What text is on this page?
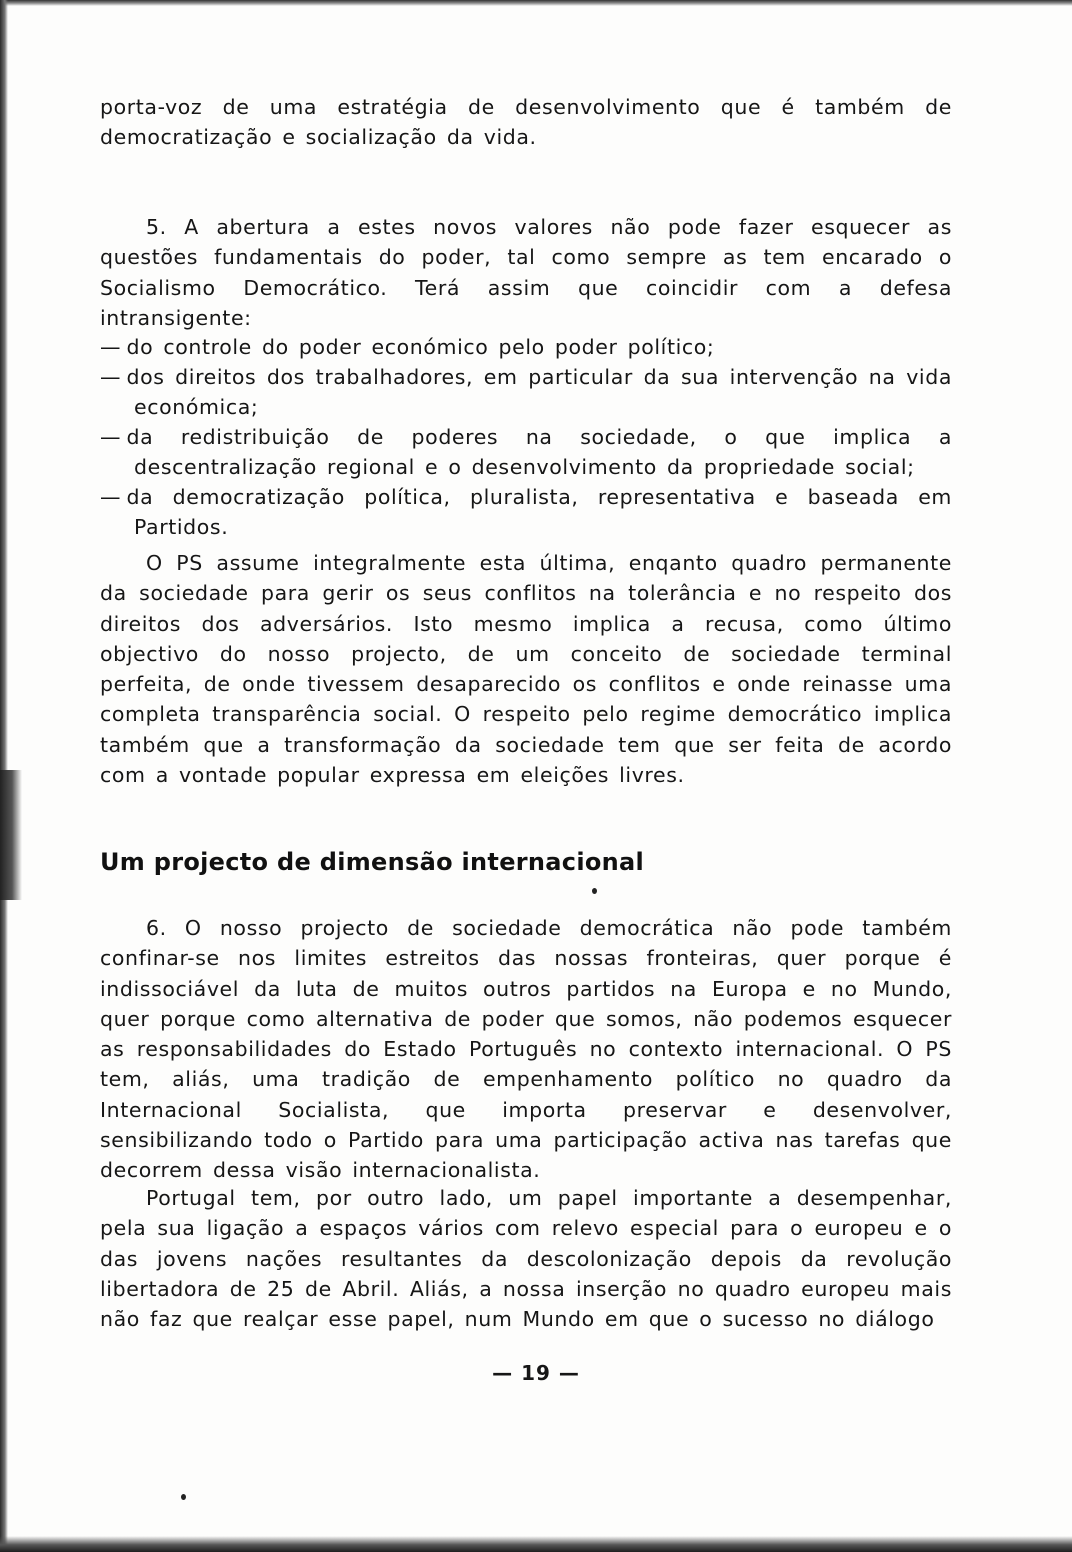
porta-voz de uma estratégia de desenvolvimento que é também de democratização e socialização da vida.

5. A abertura a estes novos valores não pode fazer esquecer as questões fundamentais do poder, tal como sempre as tem encarado o Socialismo Democrático. Terá assim que coincidir com a defesa intransigente:

— do controle do poder económico pelo poder político;

— dos direitos dos trabalhadores, em particular da sua intervenção na vida económica;

— da redistribuição de poderes na sociedade, o que implica a descentralização regional e o desenvolvimento da propriedade social;

— da democratização política, pluralista, representativa e baseada em Partidos.

O PS assume integralmente esta última, enqanto quadro permanente da sociedade para gerir os seus conflitos na tolerância e no respeito dos direitos dos adversários. Isto mesmo implica a recusa, como último objectivo do nosso projecto, de um conceito de sociedade terminal perfeita, de onde tivessem desaparecido os conflitos e onde reinasse uma completa transparência social. O respeito pelo regime democrático implica também que a transformação da sociedade tem que ser feita de acordo com a vontade popular expressa em eleições livres.

Um projecto de dimensão internacional

6. O nosso projecto de sociedade democrática não pode também confinar-se nos limites estreitos das nossas fronteiras, quer porque é indissociável da luta de muitos outros partidos na Europa e no Mundo, quer porque como alternativa de poder que somos, não podemos esquecer as responsabilidades do Estado Português no contexto internacional. O PS tem, aliás, uma tradição de empenhamento político no quadro da Internacional Socialista, que importa preservar e desenvolver, sensibilizando todo o Partido para uma participação activa nas tarefas que decorrem dessa visão internacionalista.

Portugal tem, por outro lado, um papel importante a desempenhar, pela sua ligação a espaços vários com relevo especial para o europeu e o das jovens nações resultantes da descolonização depois da revolução libertadora de 25 de Abril. Aliás, a nossa inserção no quadro europeu mais não faz que realçar esse papel, num Mundo em que o sucesso no diálogo

— 19 —
